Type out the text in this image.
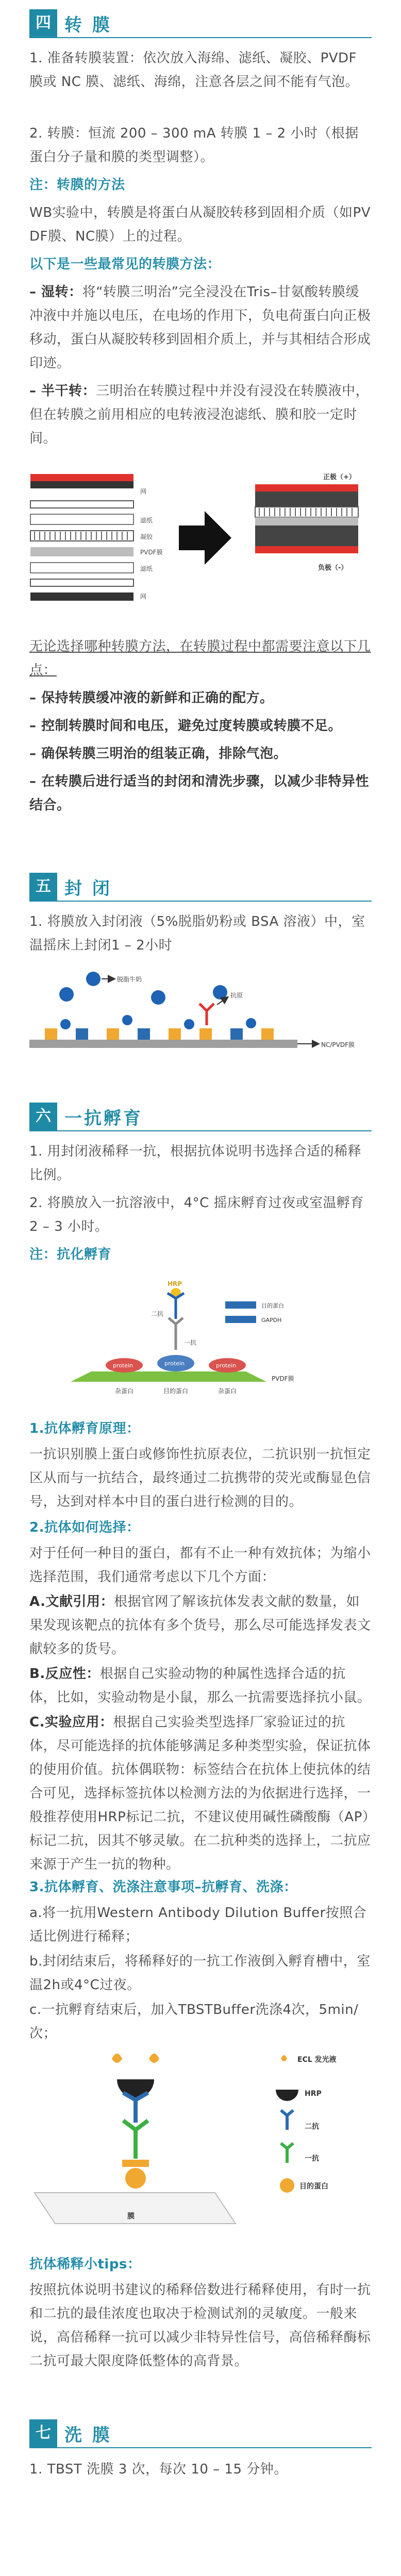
四 转 膜

1. 准备转膜装置：依次放入海绵、滤纸、凝胶、PVDF 膜或 NC 膜、滤纸、海绵，注意各层之间不能有气泡。

2. 转膜：恒流 200 – 300 mA 转膜 1 – 2 小时（根据蛋白分子量和膜的类型调整）。

注：转膜的方法

WB实验中，转膜是将蛋白从凝胶转移到固相介质（如PVDF膜、NC膜）上的过程。

以下是一些最常见的转膜方法：

– 湿转：将“转膜三明治”完全浸没在Tris–甘氨酸转膜缓冲液中并施以电压，在电场的作用下，负电荷蛋白向正极移动，蛋白从凝胶转移到固相介质上，并与其相结合形成印迹。

– 半干转：三明治在转膜过程中并没有浸没在转膜液中，但在转膜之前用相应的电转液浸泡滤纸、膜和胶一定时间。

网
滤纸
凝胶
PVDF膜
滤纸
网
正极（+）
负极（-）

无论选择哪种转膜方法，在转膜过程中都需要注意以下几点：

– 保持转膜缓冲液的新鲜和正确的配方。

– 控制转膜时间和电压，避免过度转膜或转膜不足。

– 确保转膜三明治的组装正确，排除气泡。

– 在转膜后进行适当的封闭和清洗步骤，以减少非特异性结合。

五 封 闭

1. 将膜放入封闭液（5%脱脂奶粉或 BSA 溶液）中，室温摇床上封闭1 – 2小时

NC/PVDF膜
脱脂牛奶
抗原
六 一抗孵育

1. 用封闭液稀释一抗，根据抗体说明书选择合适的稀释比例。

2. 将膜放入一抗溶液中，4°C 摇床孵育过夜或室温孵育 2 – 3 小时。

注：抗化孵育

HRP
二抗
一抗
目的蛋白
GAPDH
PVDF膜
protein	protein	protein
杂蛋白	目的蛋白	杂蛋白

1.抗体孵育原理：

一抗识别膜上蛋白或修饰性抗原表位，二抗识别一抗恒定区从而与一抗结合，最终通过二抗携带的荧光或酶显色信号，达到对样本中目的蛋白进行检测的目的。

2.抗体如何选择：

对于任何一种目的蛋白，都有不止一种有效抗体；为缩小选择范围，我们通常考虑以下几个方面：

A.文献引用：根据官网了解该抗体发表文献的数量，如果发现该靶点的抗体有多个货号，那么尽可能选择发表文献较多的货号。

B.反应性：根据自己实验动物的种属性选择合适的抗体，比如，实验动物是小鼠，那么一抗需要选择抗小鼠。

C.实验应用：根据自己实验类型选择厂家验证过的抗体，尽可能选择的抗体能够满足多种类型实验，保证抗体的使用价值。抗体偶联物：标签结合在抗体上使抗体的结合可见，选择标签抗体以检测方法的为依据进行选择，一般推荐使用HRP标记二抗，不建议使用碱性磷酸酶（AP）标记二抗，因其不够灵敏。在二抗种类的选择上，二抗应来源于产生一抗的物种。

3.抗体孵育、洗涤注意事项–抗孵育、洗涤：

a.将一抗用Western Antibody Dilution Buffer按照合适比例进行稀释；

b.封闭结束后，将稀释好的一抗工作液倒入孵育槽中，室温2h或4°C过夜。

c.一抗孵育结束后，加入TBSTBuffer洗涤4次，5min/次；

膜
ECL 发光液
HRP
二抗
一抗
目的蛋白

抗体稀释小tips：

按照抗体说明书建议的稀释倍数进行稀释使用，有时一抗和二抗的最佳浓度也取决于检测试剂的灵敏度。一般来说，高倍稀释一抗可以减少非特异性信号，高倍稀释酶标二抗可最大限度降低整体的高背景。

七 洗 膜

1. TBST 洗膜 3 次，每次 10 – 15 分钟。
